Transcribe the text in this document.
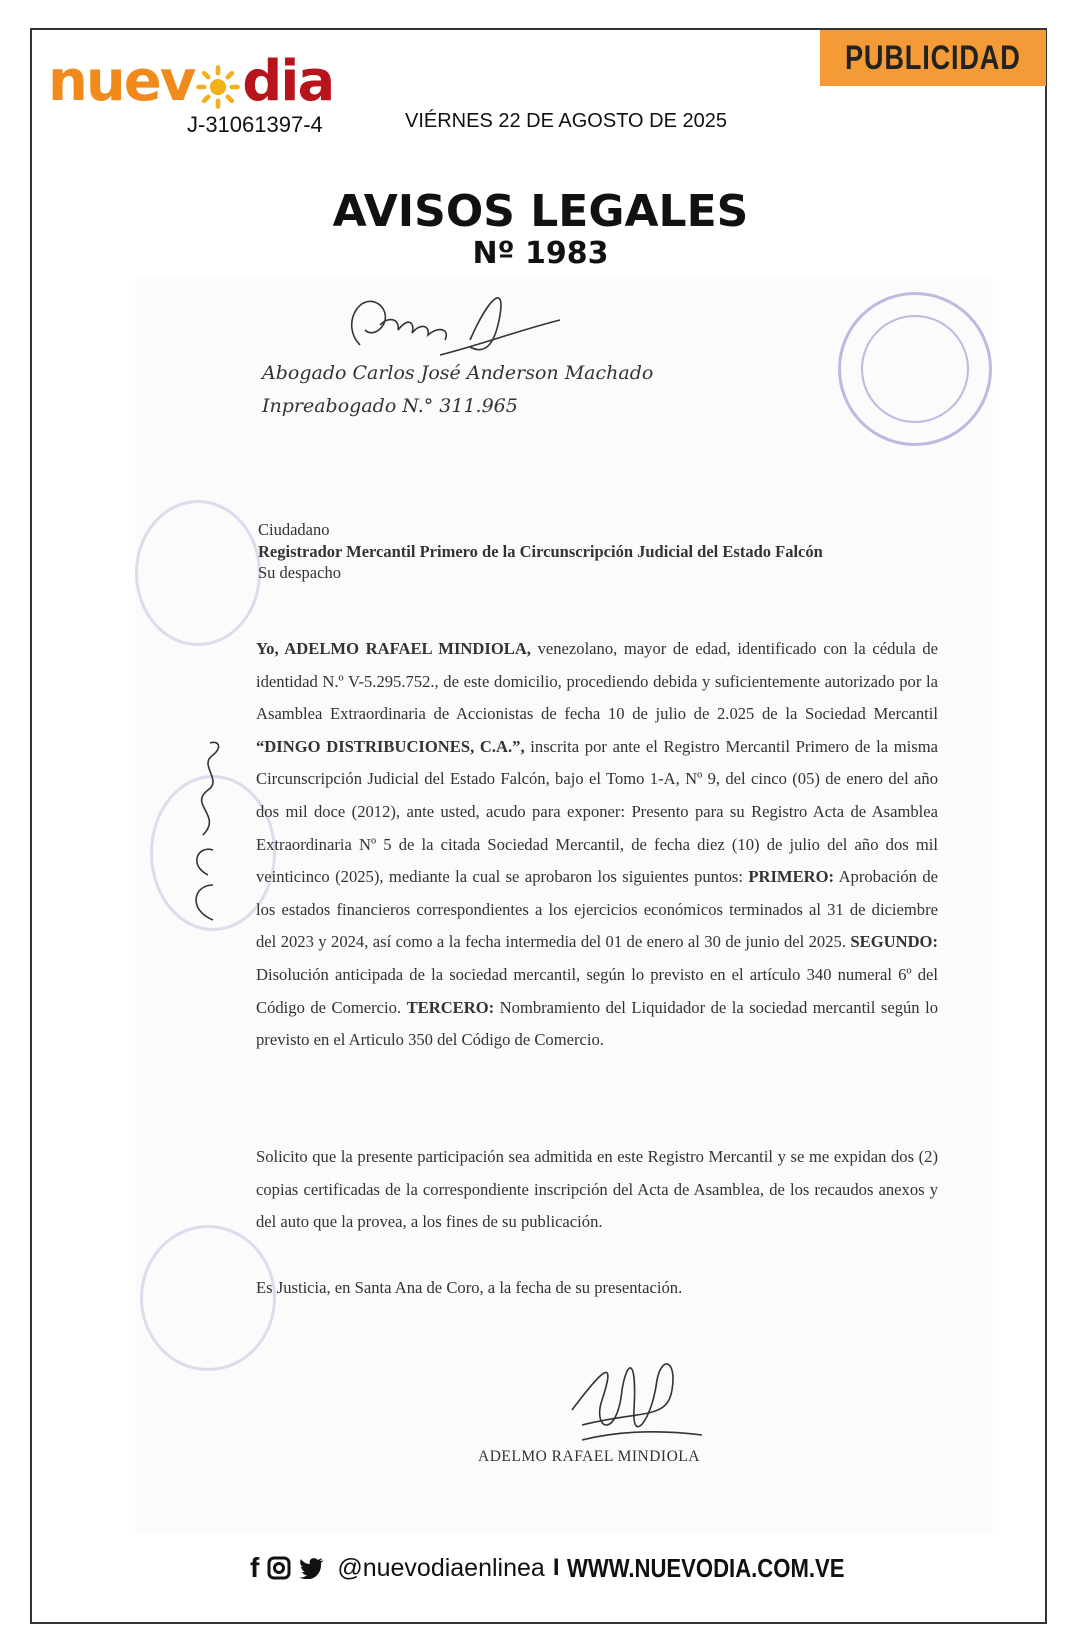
nuev dia
J-31061397-4	VIÉRNES 22 DE AGOSTO DE 2025
PUBLICIDAD
AVISOS LEGALES
Nº 1983
Abogado Carlos José Anderson Machado
Inpreabogado N.° 311.965
Ciudadano
Registrador Mercantil Primero de la Circunscripción Judicial del Estado Falcón
Su despacho
Yo, ADELMO RAFAEL MINDIOLA, venezolano, mayor de edad, identificado con la cédula de identidad N.º V-5.295.752., de este domicilio, procediendo debida y suficientemente autorizado por la Asamblea Extraordinaria de Accionistas de fecha 10 de julio de 2.025 de la Sociedad Mercantil “DINGO DISTRIBUCIONES, C.A.”, inscrita por ante el Registro Mercantil Primero de la misma Circunscripción Judicial del Estado Falcón, bajo el Tomo 1-A, Nº 9, del cinco (05) de enero del año dos mil doce (2012), ante usted, acudo para exponer: Presento para su Registro Acta de Asamblea Extraordinaria Nº 5 de la citada Sociedad Mercantil, de fecha diez (10) de julio del año dos mil veinticinco (2025), mediante la cual se aprobaron los siguientes puntos: PRIMERO: Aprobación de los estados financieros correspondientes a los ejercicios económicos terminados al 31 de diciembre del 2023 y 2024, así como a la fecha intermedia del 01 de enero al 30 de junio del 2025. SEGUNDO: Disolución anticipada de la sociedad mercantil, según lo previsto en el artículo 340 numeral 6º del Código de Comercio. TERCERO: Nombramiento del Liquidador de la sociedad mercantil según lo previsto en el Articulo 350 del Código de Comercio.
Solicito que la presente participación sea admitida en este Registro Mercantil y se me expidan dos (2) copias certificadas de la correspondiente inscripción del Acta de Asamblea, de los recaudos anexos y del auto que la provea, a los fines de su publicación.
Es Justicia, en Santa Ana de Coro, a la fecha de su presentación.
ADELMO RAFAEL MINDIOLA
f	@nuevodiaenlinea I WWW.NUEVODIA.COM.VE
